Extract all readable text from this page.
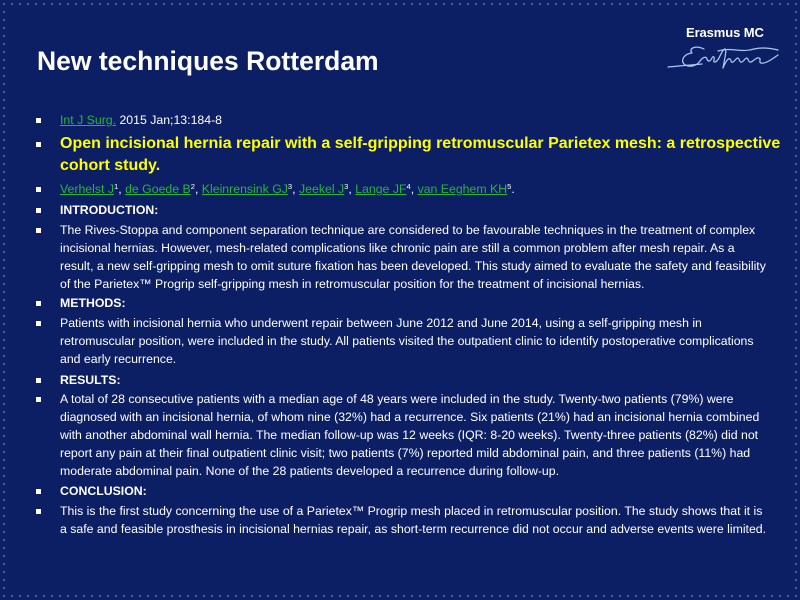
New techniques Rotterdam
Erasmus MC
Int J Surg. 2015 Jan;13:184-8
Open incisional hernia repair with a self-gripping retromuscular Parietex mesh: a retrospective
cohort study.
Verhelst $J^1$, de Goede $B^2$, Kleinrensink $GJ^3$, Jeekel $J^3$, Lange $JF^4$, van Eeghem $KH^5$.
INTRODUCTION:
The Rives-Stoppa and component separation technique are considered to be favourable techniques in the treatment of complex
incisional hernias. However, mesh-related complications like chronic pain are still a common problem after mesh repair. As a
result, a new self-gripping mesh to omit suture fixation has been developed. This study aimed to evaluate the safety and feasibility
of the Parietex™ Progrip self-gripping mesh in retromuscular position for the treatment of incisional hernias.
METHODS:
Patients with incisional hernia who underwent repair between June 2012 and June 2014, using a self-gripping mesh in
retromuscular position, were included in the study. All patients visited the outpatient clinic to identify postoperative complications
and early recurrence.
RESULTS:
A total of 28 consecutive patients with a median age of 48 years were included in the study. Twenty-two patients (79%) were
diagnosed with an incisional hernia, of whom nine (32%) had a recurrence. Six patients (21%) had an incisional hernia combined
with another abdominal wall hernia. The median follow-up was 12 weeks (IQR: 8-20 weeks). Twenty-three patients (82%) did not
report any pain at their final outpatient clinic visit; two patients (7%) reported mild abdominal pain, and three patients (11%) had
moderate abdominal pain. None of the 28 patients developed a recurrence during follow-up.
CONCLUSION:
This is the first study concerning the use of a Parietex™ Progrip mesh placed in retromuscular position. The study shows that it is
a safe and feasible prosthesis in incisional hernias repair, as short-term recurrence did not occur and adverse events were limited.
